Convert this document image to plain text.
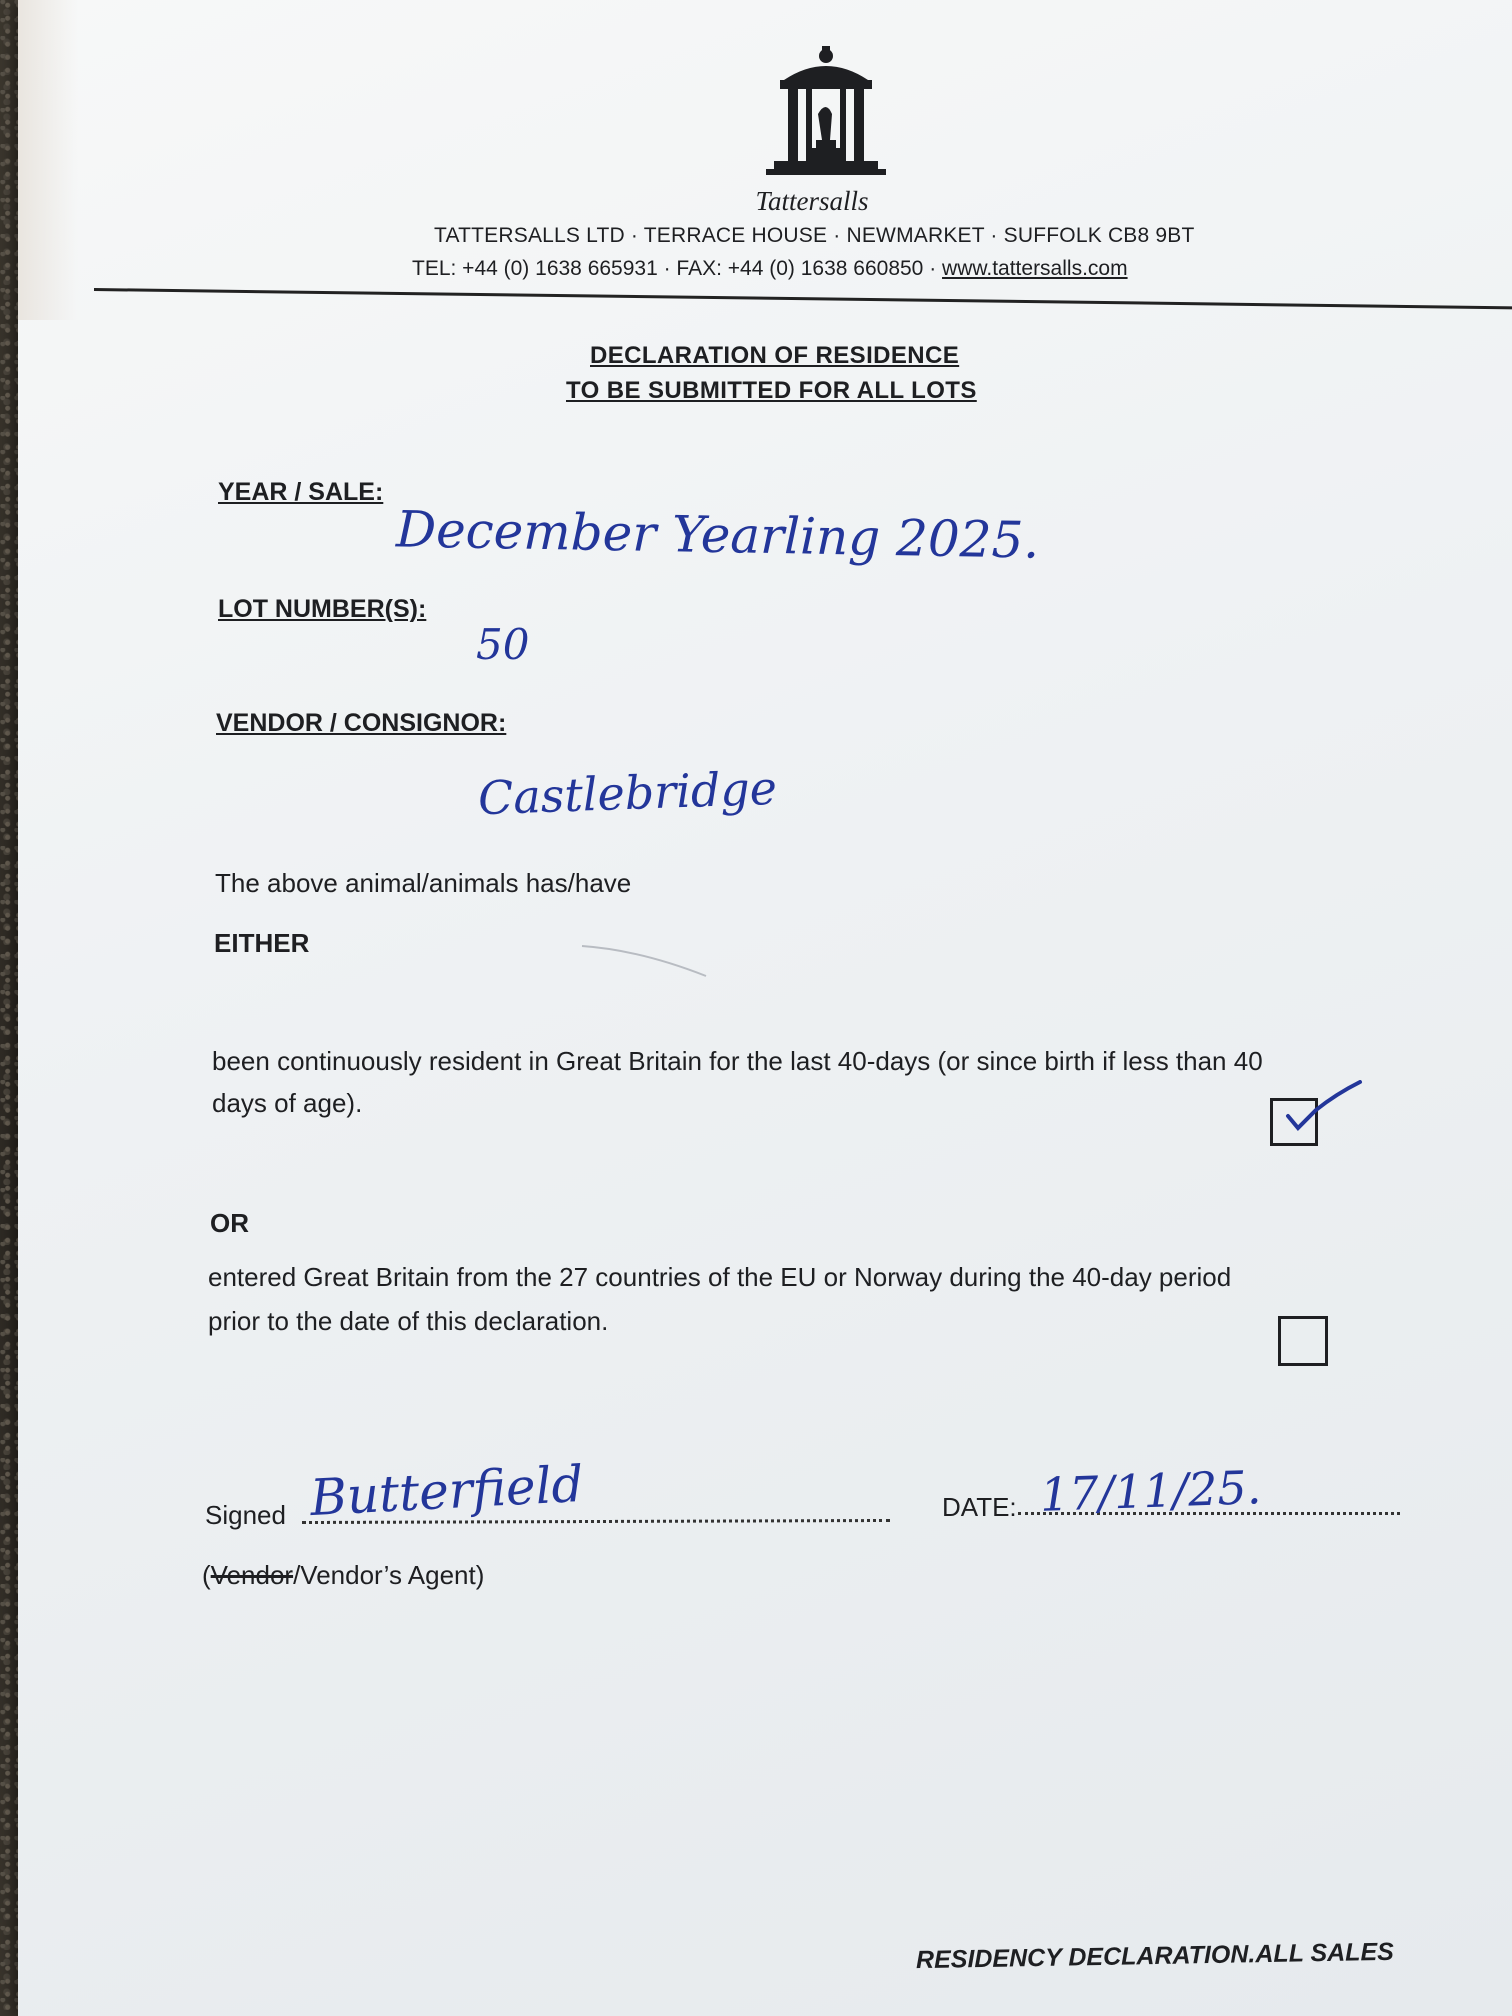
Tattersalls
TATTERSALLS LTD · TERRACE HOUSE · NEWMARKET · SUFFOLK CB8 9BT
TEL: +44 (0) 1638 665931 · FAX: +44 (0) 1638 660850 · www.tattersalls.com
DECLARATION OF RESIDENCE
TO BE SUBMITTED FOR ALL LOTS
YEAR / SALE:
December Yearling 2025.
LOT NUMBER(S):
50
VENDOR / CONSIGNOR:
Castlebridge
The above animal/animals has/have
EITHER
been continuously resident in Great Britain for the last 40-days (or since birth if less than 40
days of age).
OR
entered Great Britain from the 27 countries of the EU or Norway during the 40-day period
prior to the date of this declaration.
Signed Butterfield	DATE: 17/11/25.
(Vendor/Vendor’s Agent)
RESIDENCY DECLARATION.ALL SALES
